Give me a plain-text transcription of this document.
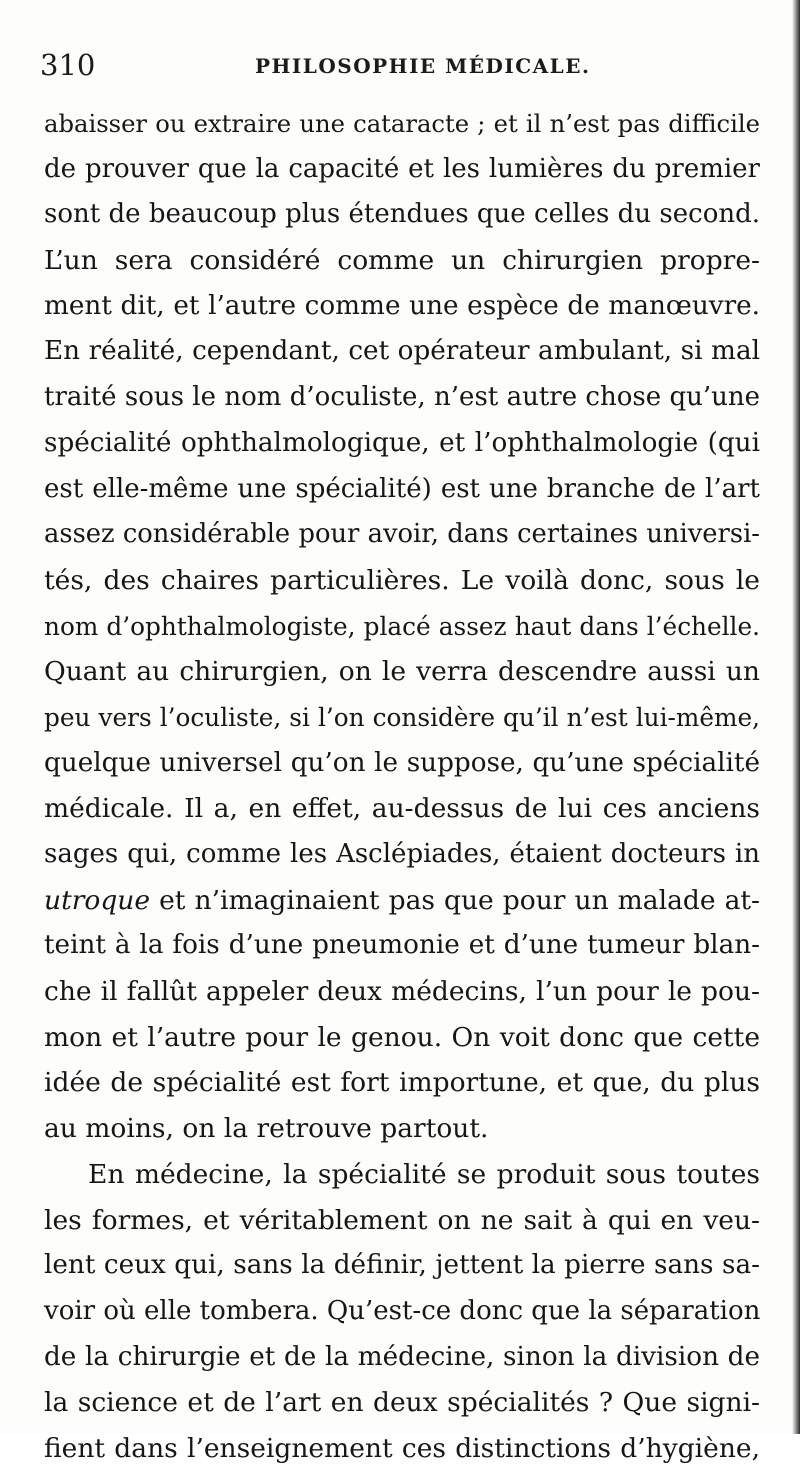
310	PHILOSOPHIE MÉDICALE.
abaisser ou extraire une cataracte ; et il n’est pas difficile
de prouver que la capacité et les lumières du premier
sont de beaucoup plus étendues que celles du second.
L’un sera considéré comme un chirurgien propre-
ment dit, et l’autre comme une espèce de manœuvre.
En réalité, cependant, cet opérateur ambulant, si mal
traité sous le nom d’oculiste, n’est autre chose qu’une
spécialité ophthalmologique, et l’ophthalmologie (qui
est elle-même une spécialité) est une branche de l’art
assez considérable pour avoir, dans certaines universi-
tés, des chaires particulières. Le voilà donc, sous le
nom d’ophthalmologiste, placé assez haut dans l’échelle.
Quant au chirurgien, on le verra descendre aussi un
peu vers l’oculiste, si l’on considère qu’il n’est lui-même,
quelque universel qu’on le suppose, qu’une spécialité
médicale. Il a, en effet, au-dessus de lui ces anciens
sages qui, comme les Asclépiades, étaient docteurs in
utroque et n’imaginaient pas que pour un malade at-
teint à la fois d’une pneumonie et d’une tumeur blan-
che il fallût appeler deux médecins, l’un pour le pou-
mon et l’autre pour le genou. On voit donc que cette
idée de spécialité est fort importune, et que, du plus
au moins, on la retrouve partout.
En médecine, la spécialité se produit sous toutes
les formes, et véritablement on ne sait à qui en veu-
lent ceux qui, sans la définir, jettent la pierre sans sa-
voir où elle tombera. Qu’est-ce donc que la séparation
de la chirurgie et de la médecine, sinon la division de
la science et de l’art en deux spécialités ? Que signi-
fient dans l’enseignement ces distinctions d’hygiène,
